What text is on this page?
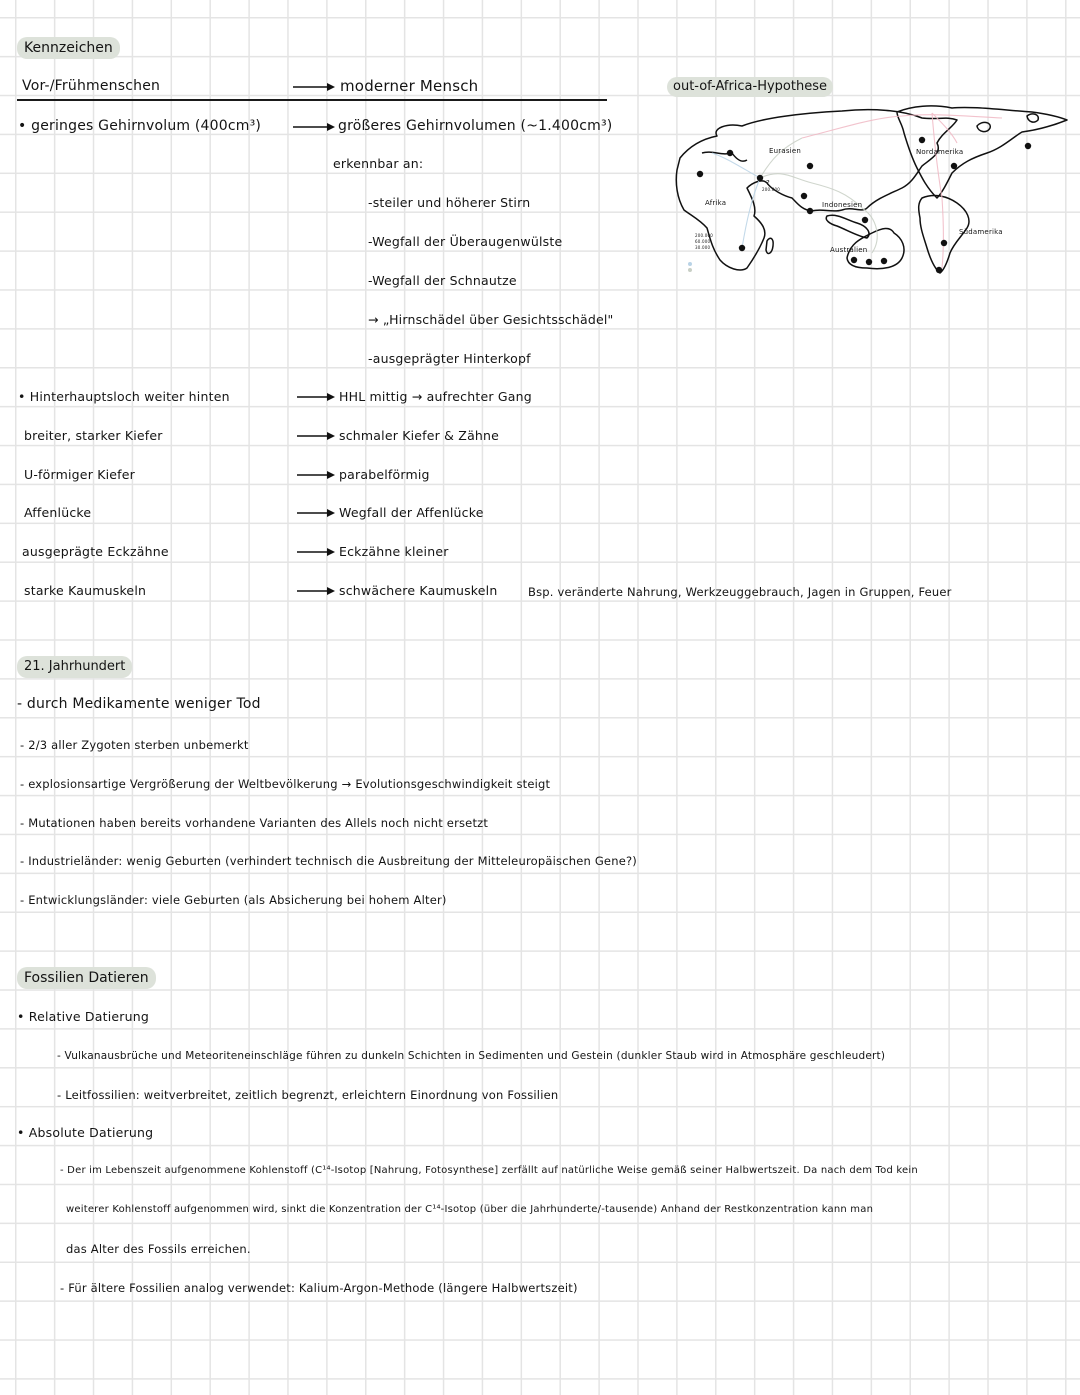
Kennzeichen
Vor-/Frühmenschen	moderner Mensch
• geringes Gehirnvolum (400cm³)	größeres Gehirnvolumen (~1.400cm³)
erkennbar an:
-steiler und höherer Stirn
-Wegfall der Überaugenwülste
-Wegfall der Schnautze
→ „Hirnschädel über Gesichtsschädel"
-ausgeprägter Hinterkopf
• Hinterhauptsloch weiter hinten	HHL mittig → aufrechter Gang
breiter, starker Kiefer	schmaler Kiefer & Zähne
U-förmiger Kiefer	parabelförmig
Affenlücke	Wegfall der Affenlücke
ausgeprägte Eckzähne	Eckzähne kleiner
starke Kaumuskeln	schwächere Kaumuskeln	Bsp. veränderte Nahrung, Werkzeuggebrauch, Jagen in Gruppen, Feuer
out-of-Africa-Hypothese
Afrika
Eurasien
Indonesien
Australien
Nordamerika
Südamerika
?
200.000
200.000
60.000
30.000
21. Jahrhundert
- durch Medikamente weniger Tod
- 2/3 aller Zygoten sterben unbemerkt
- explosionsartige Vergrößerung der Weltbevölkerung → Evolutionsgeschwindigkeit steigt
- Mutationen haben bereits vorhandene Varianten des Allels noch nicht ersetzt
- Industrieländer: wenig Geburten (verhindert technisch die Ausbreitung der Mitteleuropäischen Gene?)
- Entwicklungsländer: viele Geburten (als Absicherung bei hohem Alter)
Fossilien Datieren
• Relative Datierung
- Vulkanausbrüche und Meteoriteneinschläge führen zu dunkeln Schichten in Sedimenten und Gestein (dunkler Staub wird in Atmosphäre geschleudert)
- Leitfossilien: weitverbreitet, zeitlich begrenzt, erleichtern Einordnung von Fossilien
• Absolute Datierung
- Der im Lebenszeit aufgenommene Kohlenstoff (C¹⁴-Isotop [Nahrung, Fotosynthese] zerfällt auf natürliche Weise gemäß seiner Halbwertszeit. Da nach dem Tod kein
weiterer Kohlenstoff aufgenommen wird, sinkt die Konzentration der C¹⁴-Isotop (über die Jahrhunderte/-tausende) Anhand der Restkonzentration kann man
das Alter des Fossils erreichen.
- Für ältere Fossilien analog verwendet: Kalium-Argon-Methode (längere Halbwertszeit)
